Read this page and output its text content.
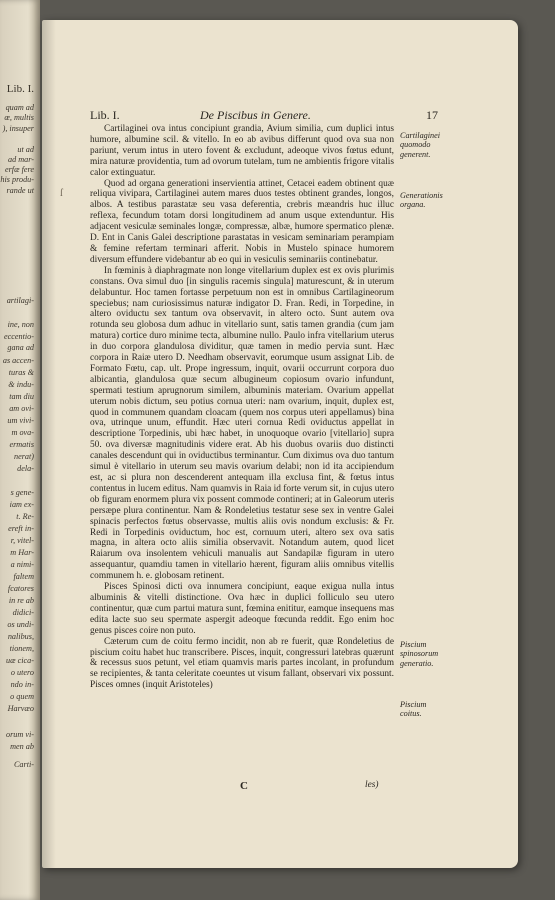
Lib. I.
quam ad
œ, multis
), insuper
ut ad
ad mar-
erfæ fere
his produ-
rande ut
artilagi-
ine, non
eccentio-
gana ad
as accen-
turas &
& indu-
tam diu
am ovi-
um vivi-
m ova-
ermatis
nerat)
dela-
s gene-
iam ex-
t. Re-
ereft in-
r, vitel-
m Har-
a nimi-
faltem
fcatores
in re ab
didici-
os undi-
nalibus,
tionem,
uæ cica-
o utero
ndo in-
o quem
Harvæo
orum vi-
men ab
Carti-
Lib. I.	De Piscibus in Genere.	17
ſ

Cartilaginei ova intus concipiunt grandia, Avium similia, cum duplici intus humore, albumine scil. & vitello. In eo ab avibus differunt quod ova sua non pariunt, verum intus in utero fovent & excludunt, adeoque vivos fœtus edunt, mira naturæ providentia, tum ad ovorum tutelam, tum ne ambientis frigore vitalis calor extinguatur.

Quod ad organa generationi inservientia attinet, Cetacei eadem obtinent quæ reliqua vivipara, Cartilaginei autem mares duos testes obtinent grandes, longos, albos. A testibus parastatæ seu vasa deferentia, crebris mæandris huc illuc reflexa, fecundum totam dorsi longitudinem ad anum usque extenduntur. His adjacent vesiculæ seminales longæ, compressæ, albæ, humore spermatico plenæ. D. Ent in Canis Galei descriptione parastatas in vesicam seminariam perampiam & femine refertam terminari afferit. Nobis in Mustelo spinace humorem diversum effundere videbantur ab eo qui in vesiculis seminariis continebatur.

In fœminis à diaphragmate non longe vitellarium duplex est ex ovis plurimis constans. Ova simul duo [in singulis racemis singula] maturescunt, & in uterum delabuntur. Hoc tamen fortasse perpetuum non est in omnibus Cartilagineorum speciebus; nam curiosissimus naturæ indigator D. Fran. Redi, in Torpedine, in altero oviductu sex tantum ova observavit, in altero octo. Sunt autem ova rotunda seu globosa dum adhuc in vitellario sunt, satis tamen grandia (cum jam matura) cortice duro minime tecta, albumine nullo. Paulo infra vitellarium uterus in duo corpora glandulosa dividitur, quæ tamen in medio pervia sunt. Hæc corpora in Raiæ utero D. Needham observavit, eorumque usum assignat Lib. de Formato Fœtu, cap. ult. Prope ingressum, inquit, ovarii occurrunt corpora duo albicantia, glandulosa quæ secum albugineum copiosum ovario infundunt, spermati testium aprugnorum similem, albuminis materiam. Ovarium appellat uterum nobis dictum, seu potius cornua uteri: nam ovarium, inquit, duplex est, quod in communem quandam cloacam (quem nos corpus uteri appellamus) bina ova, utrinque unum, effundit. Hæc uteri cornua Redi oviductus appellat in descriptione Torpedinis, ubi hæc habet, in unoquoque ovario [vitellario] supra 50. ova diversæ magnitudinis videre erat. Ab his duobus ovariis duo distincti canales descendunt qui in oviductibus terminantur. Cum diximus ova duo tantum simul è vitellario in uterum seu mavis ovarium delabi; non id ita accipiendum est, ac si plura non descenderent antequam illa exclusa fint, & fœtus intus contentus in lucem editus. Nam quamvis in Raia id forte verum sit, in cujus utero ob figuram enormem plura vix possent commode contineri; at in Galeorum uteris persæpe plura continentur. Nam & Rondeletius testatur sese sex in ventre Galei spinacis perfectos fœtus observasse, multis aliis ovis nondum exclusis: & Fr. Redi in Torpedinis oviductum, hoc est, cornuum uteri, altero sex ova satis magna, in altera octo aliis similia observavit. Notandum autem, quod licet Raiarum ova insolentem vehiculi manualis aut Sandapilæ figuram in utero assequantur, quamdiu tamen in vitellario hærent, figuram aliis omnibus vitellis communem h. e. globosam retinent.

Pisces Spinosi dicti ova innumera concipiunt, eaque exigua nulla intus albuminis & vitelli distinctione. Ova hæc in duplici folliculo seu utero continentur, quæ cum partui matura sunt, fœmina enititur, eamque insequens mas edita lacte suo seu spermate aspergit adeoque fœcunda reddit. Ego enim hoc genus pisces coire non puto.

Cæterum cum de coitu fermo incidit, non ab re fuerit, quæ Rondeletius de piscium coitu habet huc transcribere. Pisces, inquit, congressuri latebras quærunt & recessus suos petunt, vel etiam quamvis maris partes incolant, in profundum se recipientes, & tanta celeritate coeuntes ut visum fallant, observari vix possunt. Pisces omnes (inquit Aristoteles)

Cartilaginei quomodo generent.
Generationis organa.
Piscium spinosorum generatio.
Piscium coitus.
C	les)
